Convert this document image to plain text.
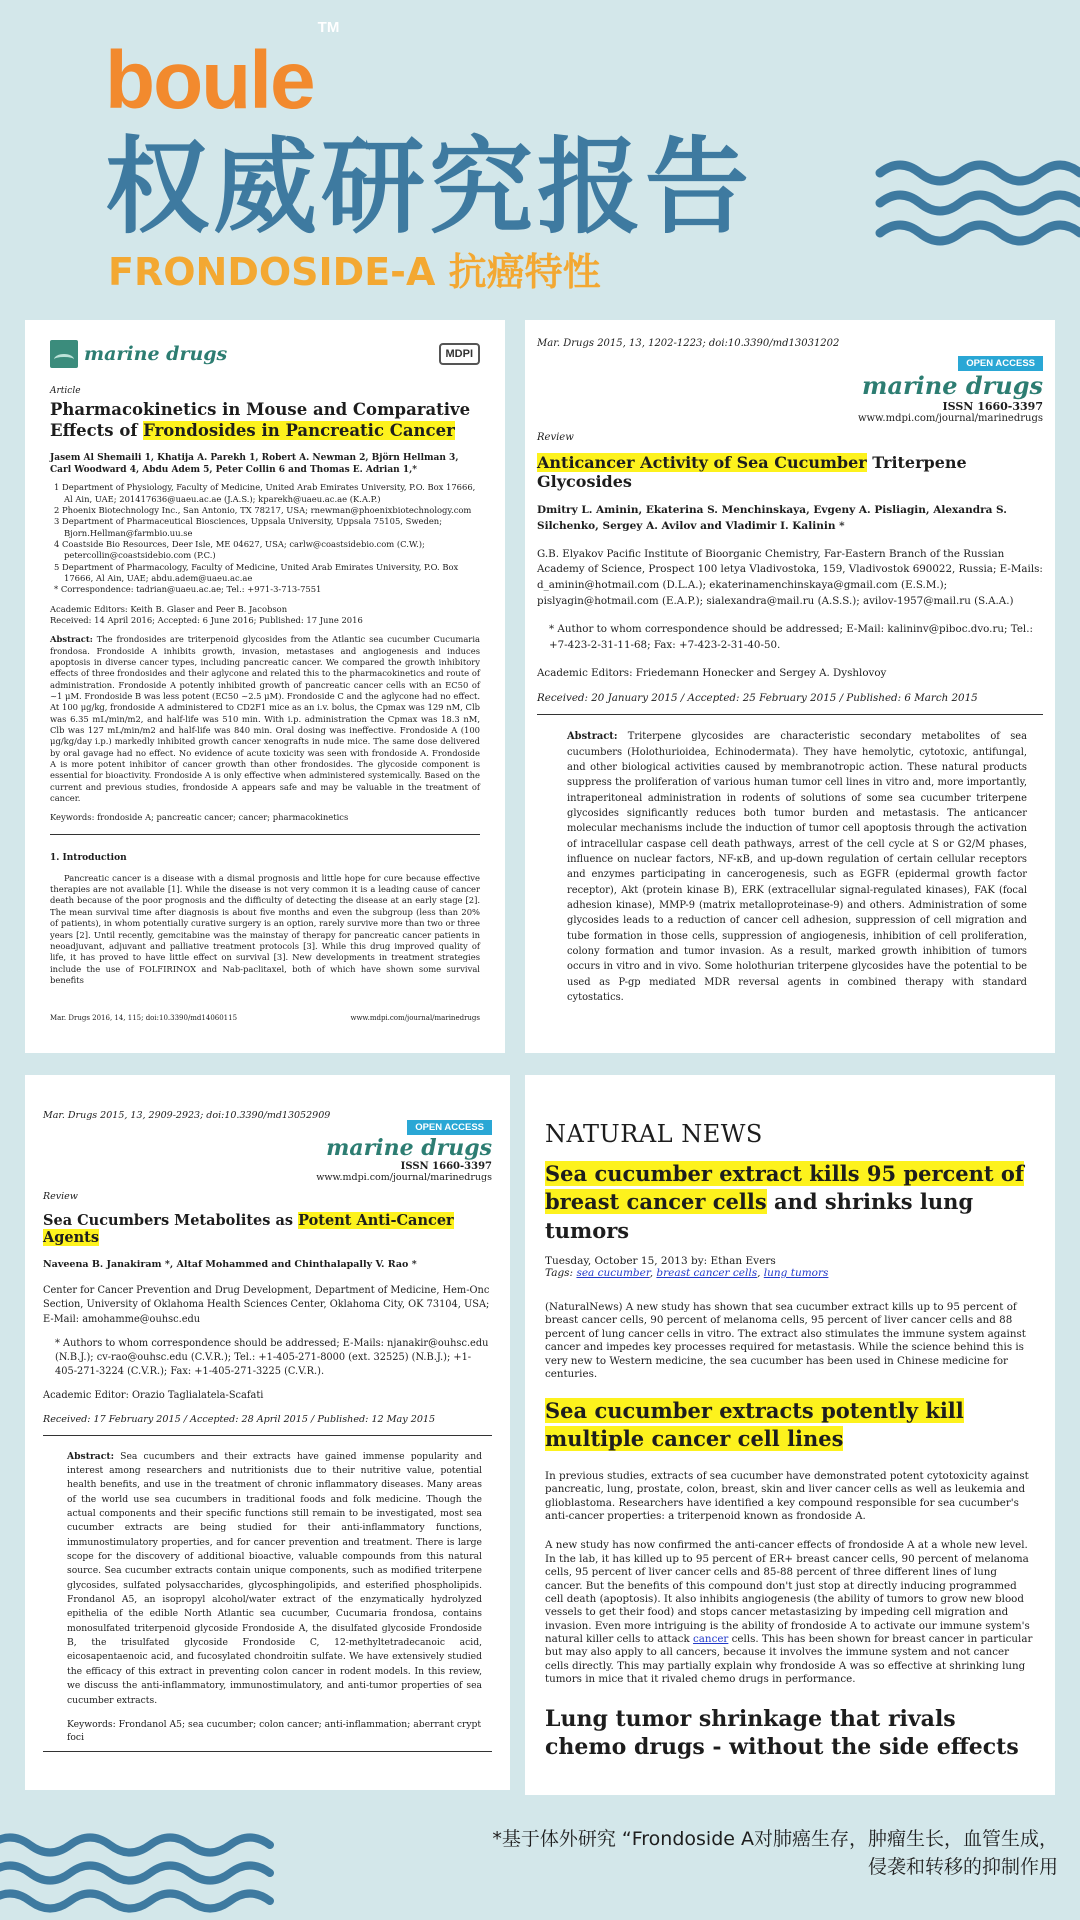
boule™
权威研究报告
FRONDOSIDE-A 抗癌特性
marine drugs	MDPI
Article
Pharmacokinetics in Mouse and Comparative Effects of Frondosides in Pancreatic Cancer
Jasem Al Shemaili 1, Khatija A. Parekh 1, Robert A. Newman 2, Björn Hellman 3, Carl Woodward 4, Abdu Adem 5, Peter Collin 6 and Thomas E. Adrian 1,*
1 Department of Physiology, Faculty of Medicine, United Arab Emirates University, P.O. Box 17666, Al Ain, UAE; 201417636@uaeu.ac.ae (J.A.S.); kparekh@uaeu.ac.ae (K.A.P.)
2 Phoenix Biotechnology Inc., San Antonio, TX 78217, USA; rnewman@phoenixbiotechnology.com
3 Department of Pharmaceutical Biosciences, Uppsala University, Uppsala 75105, Sweden; Bjorn.Hellman@farmbio.uu.se
4 Coastside Bio Resources, Deer Isle, ME 04627, USA; carlw@coastsidebio.com (C.W.); petercollin@coastsidebio.com (P.C.)
5 Department of Pharmacology, Faculty of Medicine, United Arab Emirates University, P.O. Box 17666, Al Ain, UAE; abdu.adem@uaeu.ac.ae
* Correspondence: tadrian@uaeu.ac.ae; Tel.: +971-3-713-7551
Academic Editors: Keith B. Glaser and Peer B. Jacobson
Received: 14 April 2016; Accepted: 6 June 2016; Published: 17 June 2016
Abstract: The frondosides are triterpenoid glycosides from the Atlantic sea cucumber Cucumaria frondosa. Frondoside A inhibits growth, invasion, metastases and angiogenesis and induces apoptosis in diverse cancer types, including pancreatic cancer. We compared the growth inhibitory effects of three frondosides and their aglycone and related this to the pharmacokinetics and route of administration. Frondoside A potently inhibited growth of pancreatic cancer cells with an EC50 of ~1 μM. Frondoside B was less potent (EC50 ~2.5 μM). Frondoside C and the aglycone had no effect. At 100 μg/kg, frondoside A administered to CD2F1 mice as an i.v. bolus, the Cpmax was 129 nM, Clb was 6.35 mL/min/m2, and half-life was 510 min. With i.p. administration the Cpmax was 18.3 nM, Clb was 127 mL/min/m2 and half-life was 840 min. Oral dosing was ineffective. Frondoside A (100 μg/kg/day i.p.) markedly inhibited growth cancer xenografts in nude mice. The same dose delivered by oral gavage had no effect. No evidence of acute toxicity was seen with frondoside A. Frondoside A is more potent inhibitor of cancer growth than other frondosides. The glycoside component is essential for bioactivity. Frondoside A is only effective when administered systemically. Based on the current and previous studies, frondoside A appears safe and may be valuable in the treatment of cancer.
Keywords: frondoside A; pancreatic cancer; cancer; pharmacokinetics
1. Introduction
Pancreatic cancer is a disease with a dismal prognosis and little hope for cure because effective therapies are not available [1]. While the disease is not very common it is a leading cause of cancer death because of the poor prognosis and the difficulty of detecting the disease at an early stage [2]. The mean survival time after diagnosis is about five months and even the subgroup (less than 20% of patients), in whom potentially curative surgery is an option, rarely survive more than two or three years [2]. Until recently, gemcitabine was the mainstay of therapy for pancreatic cancer patients in neoadjuvant, adjuvant and palliative treatment protocols [3]. While this drug improved quality of life, it has proved to have little effect on survival [3]. New developments in treatment strategies include the use of FOLFIRINOX and Nab-paclitaxel, both of which have shown some survival benefits
Mar. Drugs 2016, 14, 115; doi:10.3390/md14060115	www.mdpi.com/journal/marinedrugs
OPEN ACCESS
Mar. Drugs 2015, 13, 1202-1223; doi:10.3390/md13031202
marine drugs
ISSN 1660-3397
www.mdpi.com/journal/marinedrugs
Review
Anticancer Activity of Sea Cucumber Triterpene Glycosides
Dmitry L. Aminin, Ekaterina S. Menchinskaya, Evgeny A. Pisliagin, Alexandra S. Silchenko, Sergey A. Avilov and Vladimir I. Kalinin *
G.B. Elyakov Pacific Institute of Bioorganic Chemistry, Far-Eastern Branch of the Russian Academy of Science, Prospect 100 letya Vladivostoka, 159, Vladivostok 690022, Russia; E-Mails: d_aminin@hotmail.com (D.L.A.); ekaterinamenchinskaya@gmail.com (E.S.M.); pislyagin@hotmail.com (E.A.P.); sialexandra@mail.ru (A.S.S.); avilov-1957@mail.ru (S.A.A.)
* Author to whom correspondence should be addressed; E-Mail: kalininv@piboc.dvo.ru; Tel.: +7-423-2-31-11-68; Fax: +7-423-2-31-40-50.
Academic Editors: Friedemann Honecker and Sergey A. Dyshlovoy
Received: 20 January 2015 / Accepted: 25 February 2015 / Published: 6 March 2015
Abstract: Triterpene glycosides are characteristic secondary metabolites of sea cucumbers (Holothurioidea, Echinodermata). They have hemolytic, cytotoxic, antifungal, and other biological activities caused by membranotropic action. These natural products suppress the proliferation of various human tumor cell lines in vitro and, more importantly, intraperitoneal administration in rodents of solutions of some sea cucumber triterpene glycosides significantly reduces both tumor burden and metastasis. The anticancer molecular mechanisms include the induction of tumor cell apoptosis through the activation of intracellular caspase cell death pathways, arrest of the cell cycle at S or G2/M phases, influence on nuclear factors, NF-κB, and up-down regulation of certain cellular receptors and enzymes participating in cancerogenesis, such as EGFR (epidermal growth factor receptor), Akt (protein kinase B), ERK (extracellular signal-regulated kinases), FAK (focal adhesion kinase), MMP-9 (matrix metalloproteinase-9) and others. Administration of some glycosides leads to a reduction of cancer cell adhesion, suppression of cell migration and tube formation in those cells, suppression of angiogenesis, inhibition of cell proliferation, colony formation and tumor invasion. As a result, marked growth inhibition of tumors occurs in vitro and in vivo. Some holothurian triterpene glycosides have the potential to be used as P-gp mediated MDR reversal agents in combined therapy with standard cytostatics.
OPEN ACCESS
Mar. Drugs 2015, 13, 2909-2923; doi:10.3390/md13052909
marine drugs
ISSN 1660-3397
www.mdpi.com/journal/marinedrugs
Review
Sea Cucumbers Metabolites as Potent Anti-Cancer Agents
Naveena B. Janakiram *, Altaf Mohammed and Chinthalapally V. Rao *
Center for Cancer Prevention and Drug Development, Department of Medicine, Hem-Onc Section, University of Oklahoma Health Sciences Center, Oklahoma City, OK 73104, USA; E-Mail: amohamme@ouhsc.edu
* Authors to whom correspondence should be addressed; E-Mails: njanakir@ouhsc.edu (N.B.J.); cv-rao@ouhsc.edu (C.V.R.); Tel.: +1-405-271-8000 (ext. 32525) (N.B.J.); +1-405-271-3224 (C.V.R.); Fax: +1-405-271-3225 (C.V.R.).
Academic Editor: Orazio Taglialatela-Scafati
Received: 17 February 2015 / Accepted: 28 April 2015 / Published: 12 May 2015
Abstract: Sea cucumbers and their extracts have gained immense popularity and interest among researchers and nutritionists due to their nutritive value, potential health benefits, and use in the treatment of chronic inflammatory diseases. Many areas of the world use sea cucumbers in traditional foods and folk medicine. Though the actual components and their specific functions still remain to be investigated, most sea cucumber extracts are being studied for their anti-inflammatory functions, immunostimulatory properties, and for cancer prevention and treatment. There is large scope for the discovery of additional bioactive, valuable compounds from this natural source. Sea cucumber extracts contain unique components, such as modified triterpene glycosides, sulfated polysaccharides, glycosphingolipids, and esterified phospholipids. Frondanol A5, an isopropyl alcohol/water extract of the enzymatically hydrolyzed epithelia of the edible North Atlantic sea cucumber, Cucumaria frondosa, contains monosulfated triterpenoid glycoside Frondoside A, the disulfated glycoside Frondoside B, the trisulfated glycoside Frondoside C, 12-methyltetradecanoic acid, eicosapentaenoic acid, and fucosylated chondroitin sulfate. We have extensively studied the efficacy of this extract in preventing colon cancer in rodent models. In this review, we discuss the anti-inflammatory, immunostimulatory, and anti-tumor properties of sea cucumber extracts.
Keywords: Frondanol A5; sea cucumber; colon cancer; anti-inflammation; aberrant crypt foci
NATURAL NEWS
Sea cucumber extract kills 95 percent of breast cancer cells and shrinks lung tumors
Tuesday, October 15, 2013 by: Ethan Evers
Tags: sea cucumber, breast cancer cells, lung tumors
(NaturalNews) A new study has shown that sea cucumber extract kills up to 95 percent of breast cancer cells, 90 percent of melanoma cells, 95 percent of liver cancer cells and 88 percent of lung cancer cells in vitro. The extract also stimulates the immune system against cancer and impedes key processes required for metastasis. While the science behind this is very new to Western medicine, the sea cucumber has been used in Chinese medicine for centuries.
Sea cucumber extracts potently kill multiple cancer cell lines
In previous studies, extracts of sea cucumber have demonstrated potent cytotoxicity against pancreatic, lung, prostate, colon, breast, skin and liver cancer cells as well as leukemia and glioblastoma. Researchers have identified a key compound responsible for sea cucumber's anti-cancer properties: a triterpenoid known as frondoside A.
A new study has now confirmed the anti-cancer effects of frondoside A at a whole new level. In the lab, it has killed up to 95 percent of ER+ breast cancer cells, 90 percent of melanoma cells, 95 percent of liver cancer cells and 85-88 percent of three different lines of lung cancer. But the benefits of this compound don't just stop at directly inducing programmed cell death (apoptosis). It also inhibits angiogenesis (the ability of tumors to grow new blood vessels to get their food) and stops cancer metastasizing by impeding cell migration and invasion. Even more intriguing is the ability of frondoside A to activate our immune system's natural killer cells to attack cancer cells. This has been shown for breast cancer in particular but may also apply to all cancers, because it involves the immune system and not cancer cells directly. This may partially explain why frondoside A was so effective at shrinking lung tumors in mice that it rivaled chemo drugs in performance.
Lung tumor shrinkage that rivals chemo drugs - without the side effects
*基于体外研究 “Frondoside A对肺癌生存，肿瘤生长，血管生成，
侵袭和转移的抑制作用
